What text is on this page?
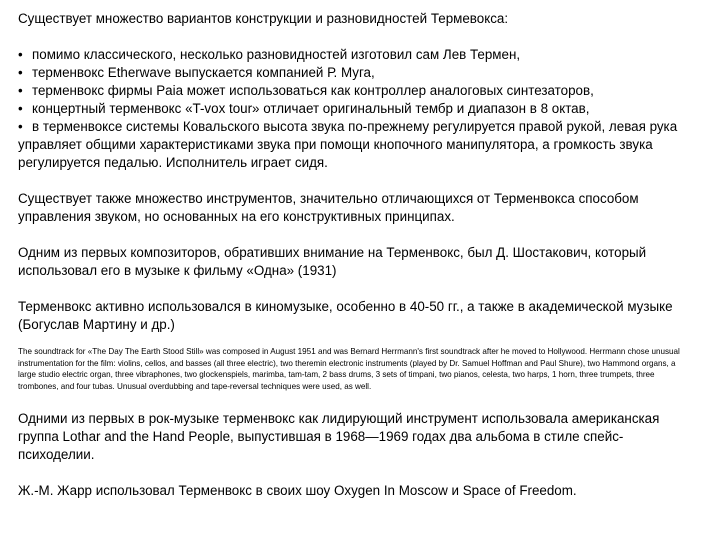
Существует множество вариантов конструкции и разновидностей Термевокса:

• помимо классического, несколько разновидностей изготовил сам Лев Термен,
• терменвокс Etherwave выпускается компанией Р. Муга,
• терменвокс фирмы Paia может использоваться как контроллер аналоговых синтезаторов,
• концертный терменвокс «T-vox tour» отличает оригинальный тембр и диапазон в 8 октав,
• в терменвоксе системы Ковальского высота звука по-прежнему регулируется правой рукой, левая рука управляет общими характеристиками звука при помощи кнопочного манипулятора, а громкость звука регулируется педалью. Исполнитель играет сидя.

Существует также множество инструментов, значительно отличающихся от Терменвокса способом управления звуком, но основанных на его конструктивных принципах.

Одним из первых композиторов, обративших внимание на Терменвокс, был Д. Шостакович, который использовал его в музыке к фильму «Одна» (1931)

Терменвокс активно использовался в киномузыке, особенно в 40-50 гг., а также в академической музыке (Богуслав Мартину и др.)

The soundtrack for «The Day The Earth Stood Still» was composed in August 1951 and was Bernard Herrmann's first soundtrack after he moved to Hollywood. Herrmann chose unusual instrumentation for the film: violins, cellos, and basses (all three electric), two theremin electronic instruments (played by Dr. Samuel Hoffman and Paul Shure), two Hammond organs, a large studio electric organ, three vibraphones, two glockenspiels, marimba, tam-tam, 2 bass drums, 3 sets of timpani, two pianos, celesta, two harps, 1 horn, three trumpets, three trombones, and four tubas. Unusual overdubbing and tape-reversal techniques were used, as well.

Одними из первых в рок-музыке терменвокс как лидирующий инструмент использовала американская группа Lothar and the Hand People, выпустившая в 1968—1969 годах два альбома в стиле спейс-психоделии.

Ж.-М. Жарр использовал Терменвокс в своих шоу Oxygen In Moscow и Space of Freedom.
